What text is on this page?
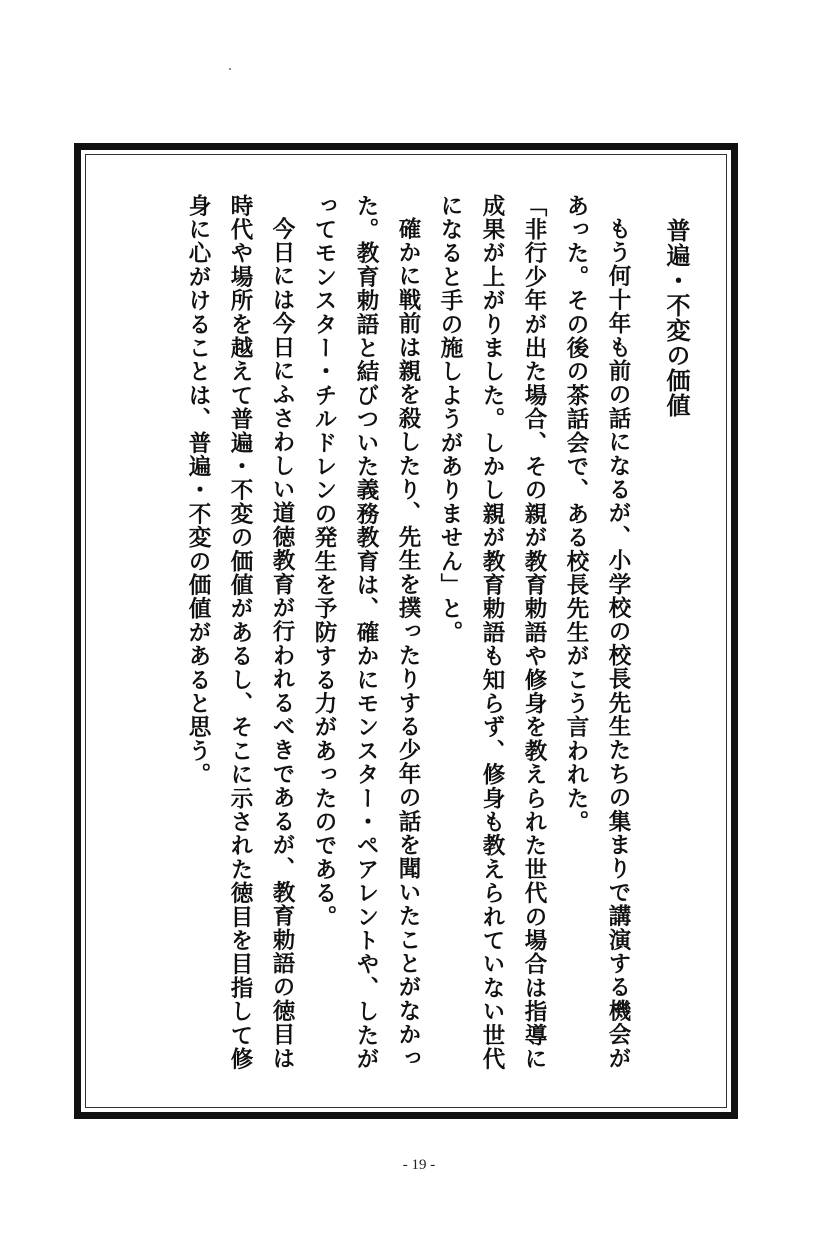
普遍・不変の価値

もう何十年も前の話になるが、小学校の校長先生たちの集まりで講演する機会があった。その後の茶話会で、ある校長先生がこう言われた。

「非行少年が出た場合、その親が教育勅語や修身を教えられた世代の場合は指導に成果が上がりました。しかし親が教育勅語も知らず、修身も教えられていない世代になると手の施しようがありません」と。

確かに戦前は親を殺したり、先生を撲ったりする少年の話を聞いたことがなかった。教育勅語と結びついた義務教育は、確かにモンスター・ペアレントや、したがってモンスター・チルドレンの発生を予防する力があったのである。

今日には今日にふさわしい道徳教育が行われるべきであるが、教育勅語の徳目は時代や場所を越えて普遍・不変の価値があるし、そこに示された徳目を目指して修身に心がけることは、普遍・不変の価値があると思う。

- 19 -
